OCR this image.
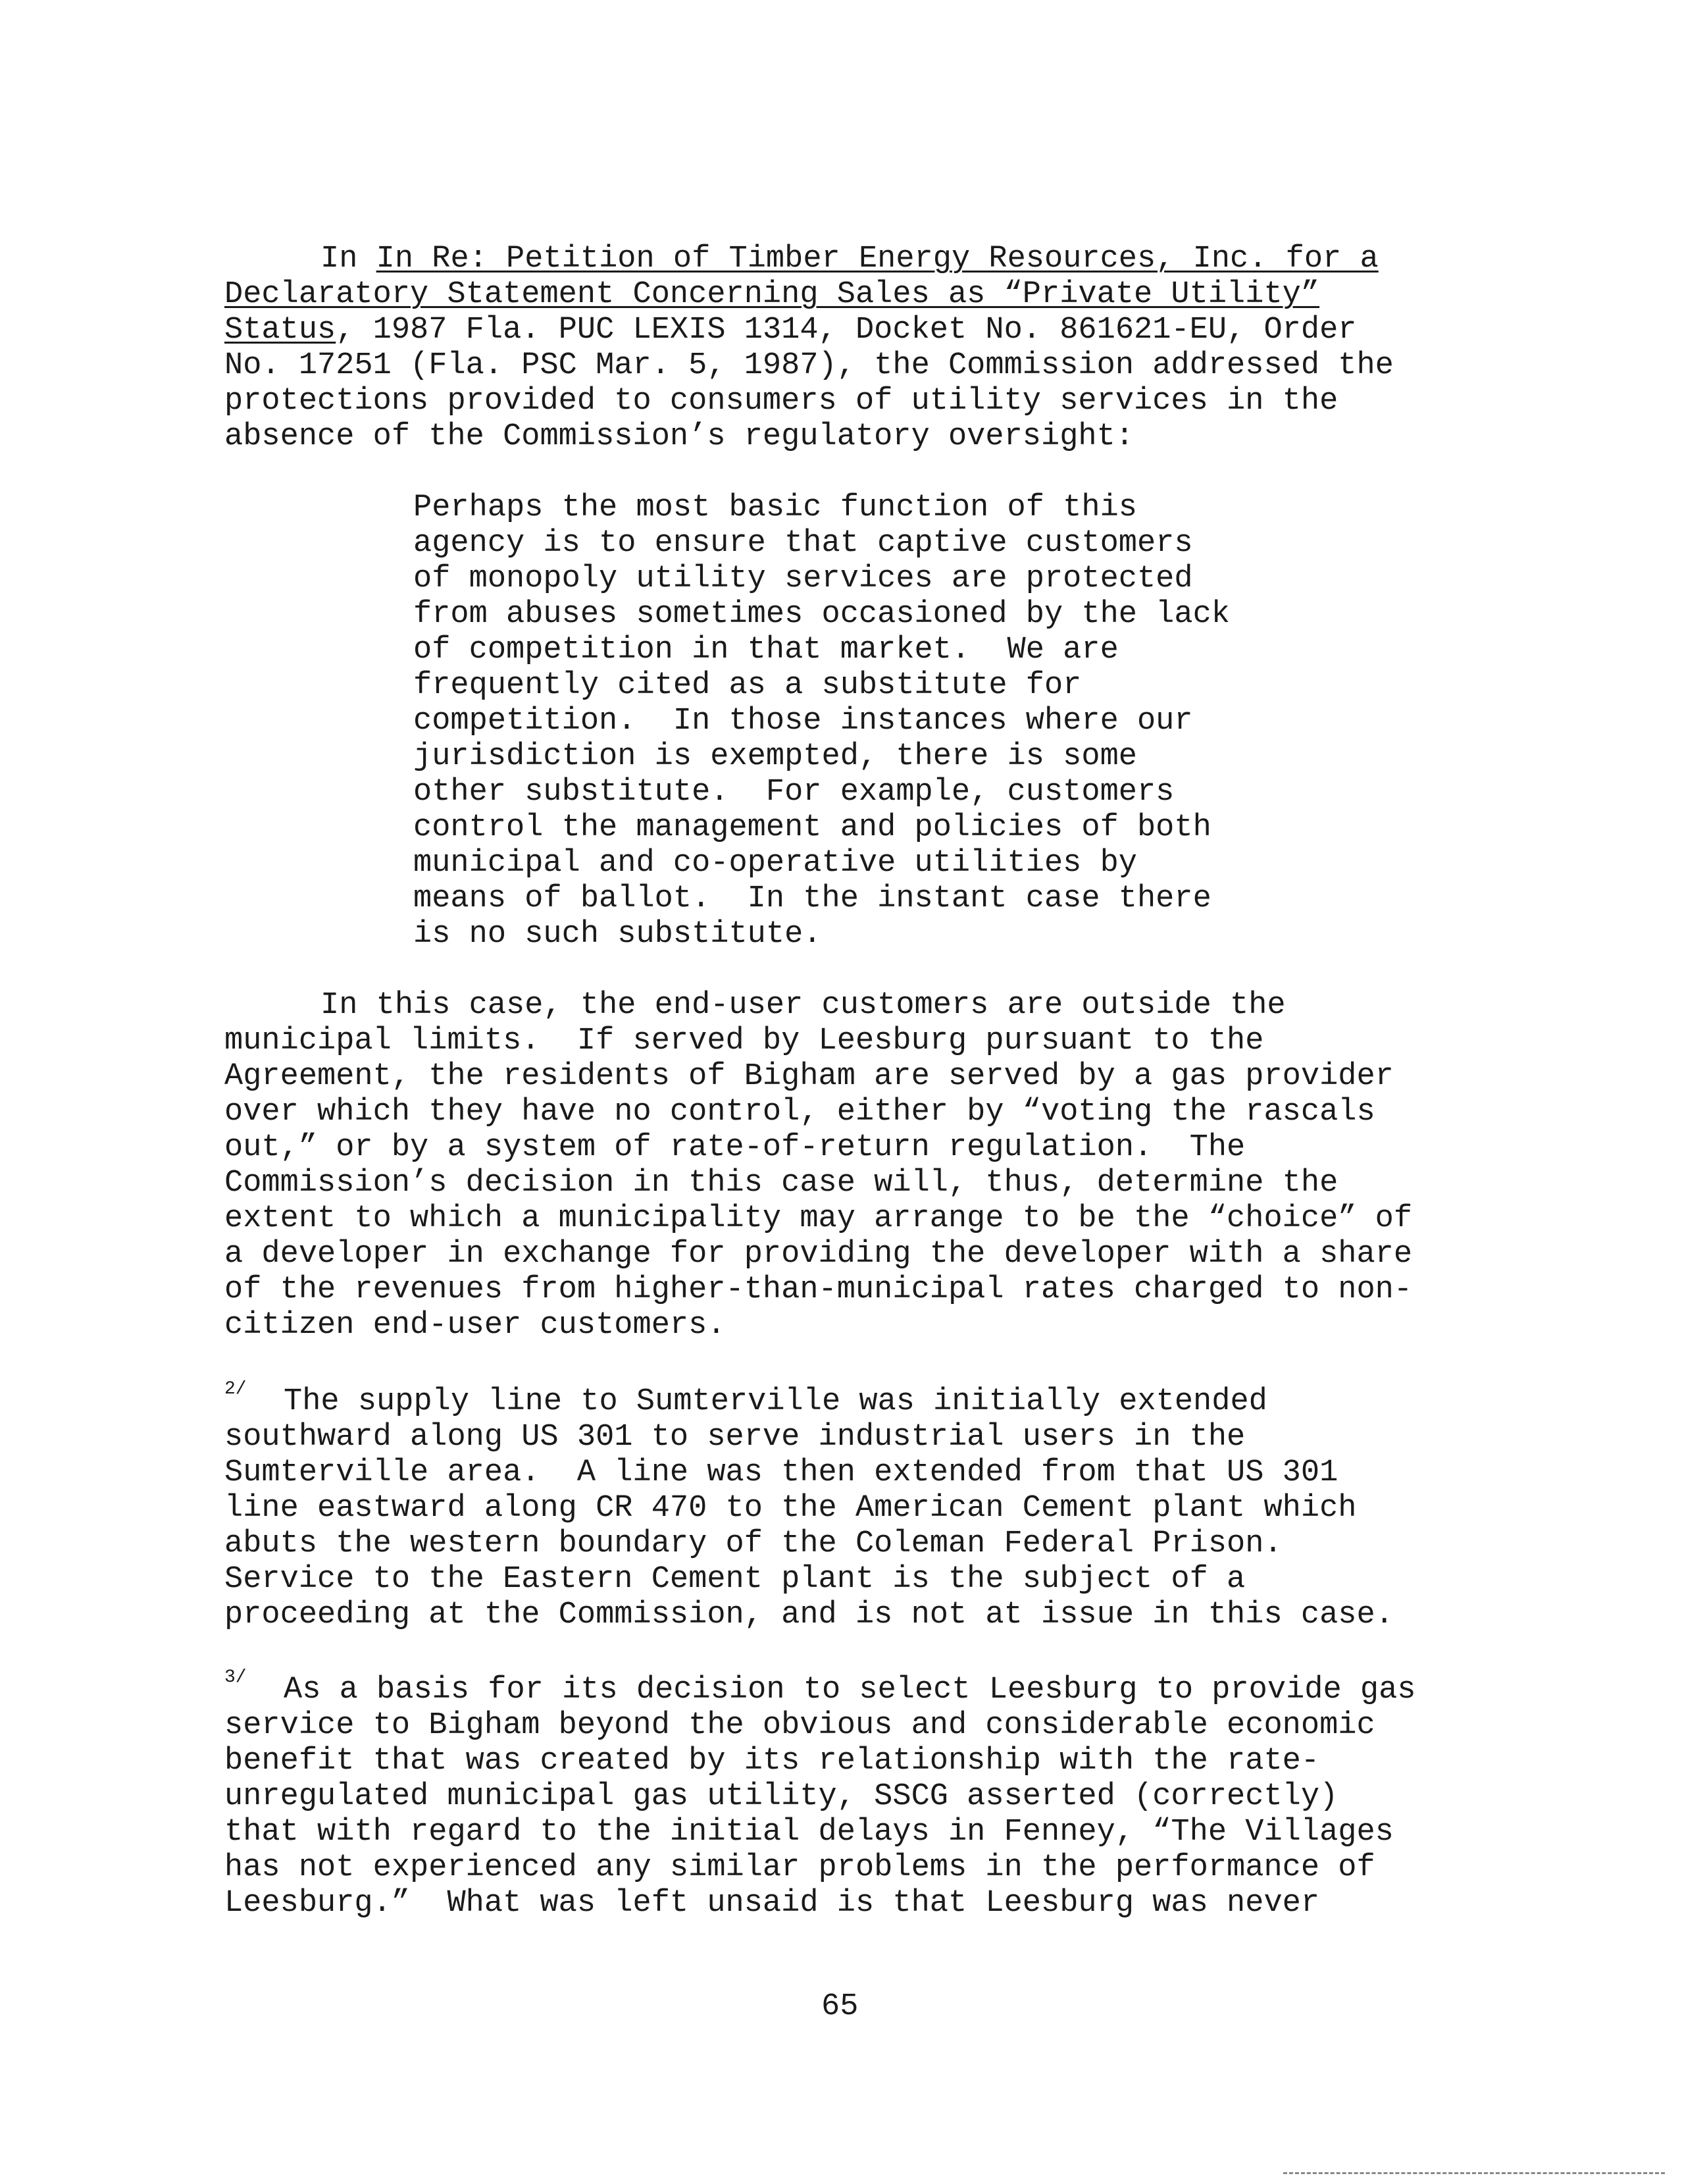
In In Re: Petition of Timber Energy Resources, Inc. for a
Declaratory Statement Concerning Sales as “Private Utility”
Status, 1987 Fla. PUC LEXIS 1314, Docket No. 861621-EU, Order
No. 17251 (Fla. PSC Mar. 5, 1987), the Commission addressed the
protections provided to consumers of utility services in the
absence of the Commission’s regulatory oversight:
Perhaps the most basic function of this
agency is to ensure that captive customers
of monopoly utility services are protected
from abuses sometimes occasioned by the lack
of competition in that market.  We are
frequently cited as a substitute for
competition.  In those instances where our
jurisdiction is exempted, there is some
other substitute.  For example, customers
control the management and policies of both
municipal and co-operative utilities by
means of ballot.  In the instant case there
is no such substitute.
In this case, the end-user customers are outside the
municipal limits.  If served by Leesburg pursuant to the
Agreement, the residents of Bigham are served by a gas provider
over which they have no control, either by “voting the rascals
out,” or by a system of rate-of-return regulation.  The
Commission’s decision in this case will, thus, determine the
extent to which a municipality may arrange to be the “choice” of
a developer in exchange for providing the developer with a share
of the revenues from higher-than-municipal rates charged to non-
citizen end-user customers.
$^{2/}$  The supply line to Sumterville was initially extended
southward along US 301 to serve industrial users in the
Sumterville area.  A line was then extended from that US 301
line eastward along CR 470 to the American Cement plant which
abuts the western boundary of the Coleman Federal Prison.
Service to the Eastern Cement plant is the subject of a
proceeding at the Commission, and is not at issue in this case.
$^{3/}$  As a basis for its decision to select Leesburg to provide gas
service to Bigham beyond the obvious and considerable economic
benefit that was created by its relationship with the rate-
unregulated municipal gas utility, SSCG asserted (correctly)
that with regard to the initial delays in Fenney, “The Villages
has not experienced any similar problems in the performance of
Leesburg.”  What was left unsaid is that Leesburg was never
65
